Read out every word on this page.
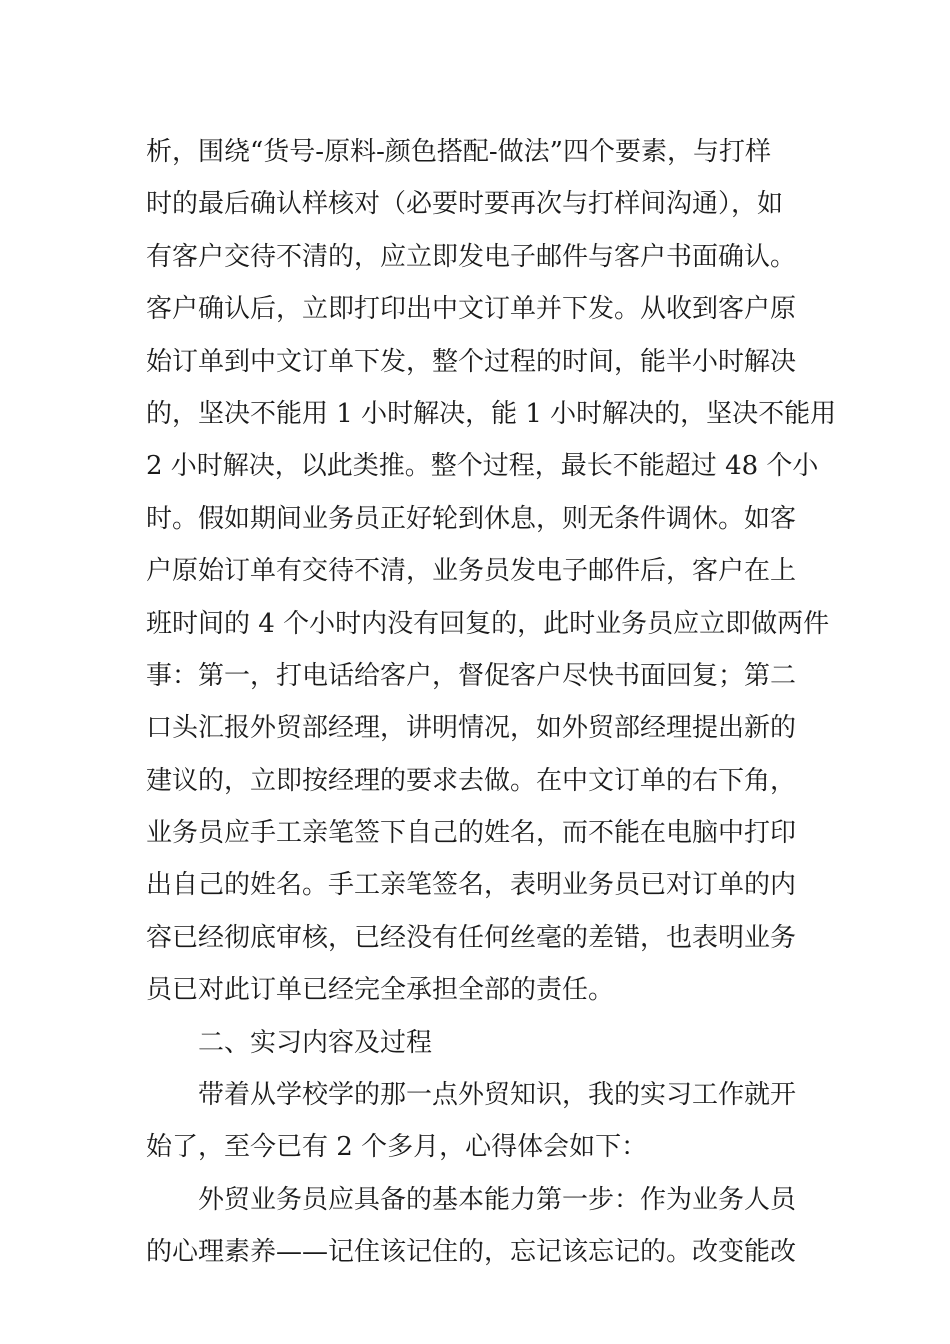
析，围绕“货号-原料-颜色搭配-做法”四个要素，与打样
时的最后确认样核对（必要时要再次与打样间沟通），如
有客户交待不清的，应立即发电子邮件与客户书面确认。
客户确认后，立即打印出中文订单并下发。从收到客户原
始订单到中文订单下发，整个过程的时间，能半小时解决
的，坚决不能用 1 小时解决，能 1 小时解决的，坚决不能用
2 小时解决，以此类推。整个过程，最长不能超过 48 个小
时。假如期间业务员正好轮到休息，则无条件调休。如客
户原始订单有交待不清，业务员发电子邮件后，客户在上
班时间的 4 个小时内没有回复的，此时业务员应立即做两件
事：第一，打电话给客户，督促客户尽快书面回复；第二
口头汇报外贸部经理，讲明情况，如外贸部经理提出新的
建议的，立即按经理的要求去做。在中文订单的右下角，
业务员应手工亲笔签下自己的姓名，而不能在电脑中打印
出自己的姓名。手工亲笔签名，表明业务员已对订单的内
容已经彻底审核，已经没有任何丝毫的差错，也表明业务
员已对此订单已经完全承担全部的责任。
二、实习内容及过程
带着从学校学的那一点外贸知识，我的实习工作就开
始了，至今已有 2 个多月，心得体会如下：
外贸业务员应具备的基本能力第一步：作为业务人员
的心理素养——记住该记住的，忘记该忘记的。改变能改
